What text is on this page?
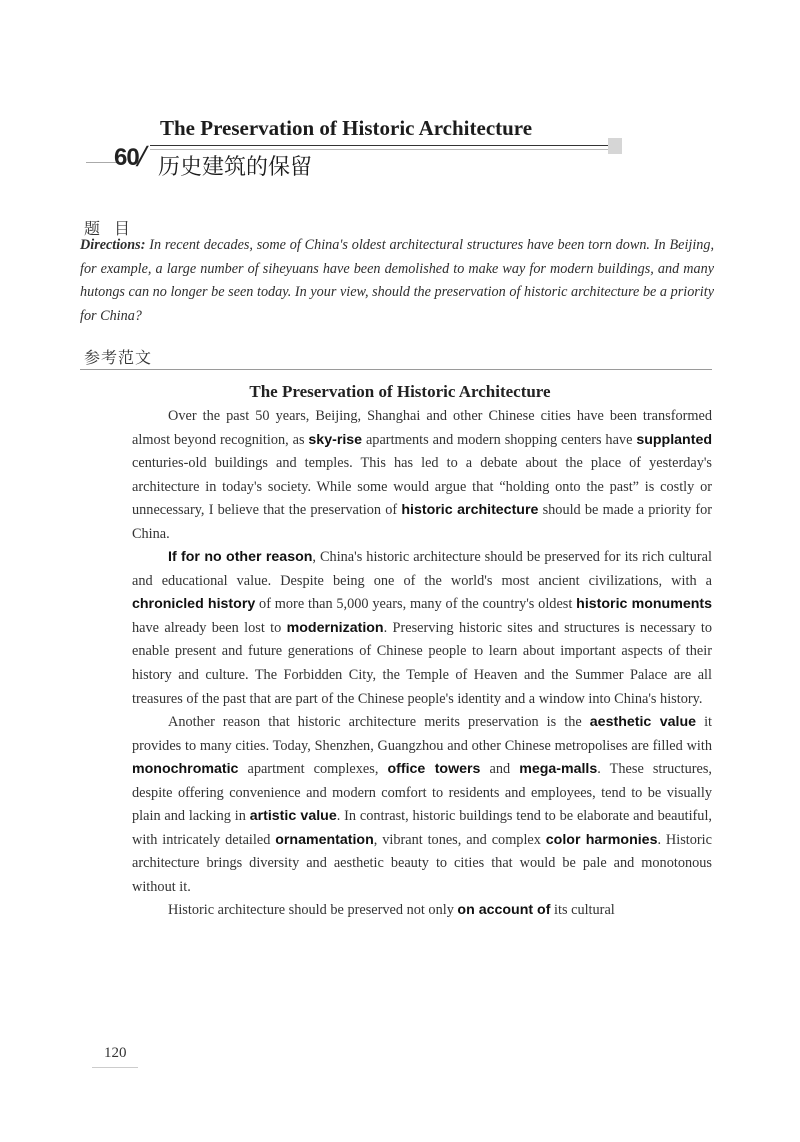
The Preservation of Historic Architecture
60
/ 历史建筑的保留
题目

Directions: In recent decades, some of China's oldest architectural structures have been torn down. In Beijing, for example, a large number of siheyuans have been demolished to make way for modern buildings, and many hutongs can no longer be seen today. In your view, should the preservation of historic architecture be a priority for China?

参考范文
The Preservation of Historic Architecture

Over the past 50 years, Beijing, Shanghai and other Chinese cities have been transformed almost beyond recognition, as sky-rise apartments and modern shopping centers have supplanted centuries-old buildings and temples. This has led to a debate about the place of yesterday's architecture in today's society. While some would argue that “holding onto the past” is costly or unnecessary, I believe that the preservation of historic architecture should be made a priority for China.

If for no other reason, China's historic architecture should be preserved for its rich cultural and educational value. Despite being one of the world's most ancient civilizations, with a chronicled history of more than 5,000 years, many of the country's oldest historic monuments have already been lost to modernization. Preserving historic sites and structures is necessary to enable present and future generations of Chinese people to learn about important aspects of their history and culture. The Forbidden City, the Temple of Heaven and the Summer Palace are all treasures of the past that are part of the Chinese people's identity and a window into China's history.

Another reason that historic architecture merits preservation is the aesthetic value it provides to many cities. Today, Shenzhen, Guangzhou and other Chinese metropolises are filled with monochromatic apartment complexes, office towers and mega-malls. These structures, despite offering convenience and modern comfort to residents and employees, tend to be visually plain and lacking in artistic value. In contrast, historic buildings tend to be elaborate and beautiful, with intricately detailed ornamentation, vibrant tones, and complex color harmonies. Historic architecture brings diversity and aesthetic beauty to cities that would be pale and monotonous without it.

Historic architecture should be preserved not only on account of its cultural

120
